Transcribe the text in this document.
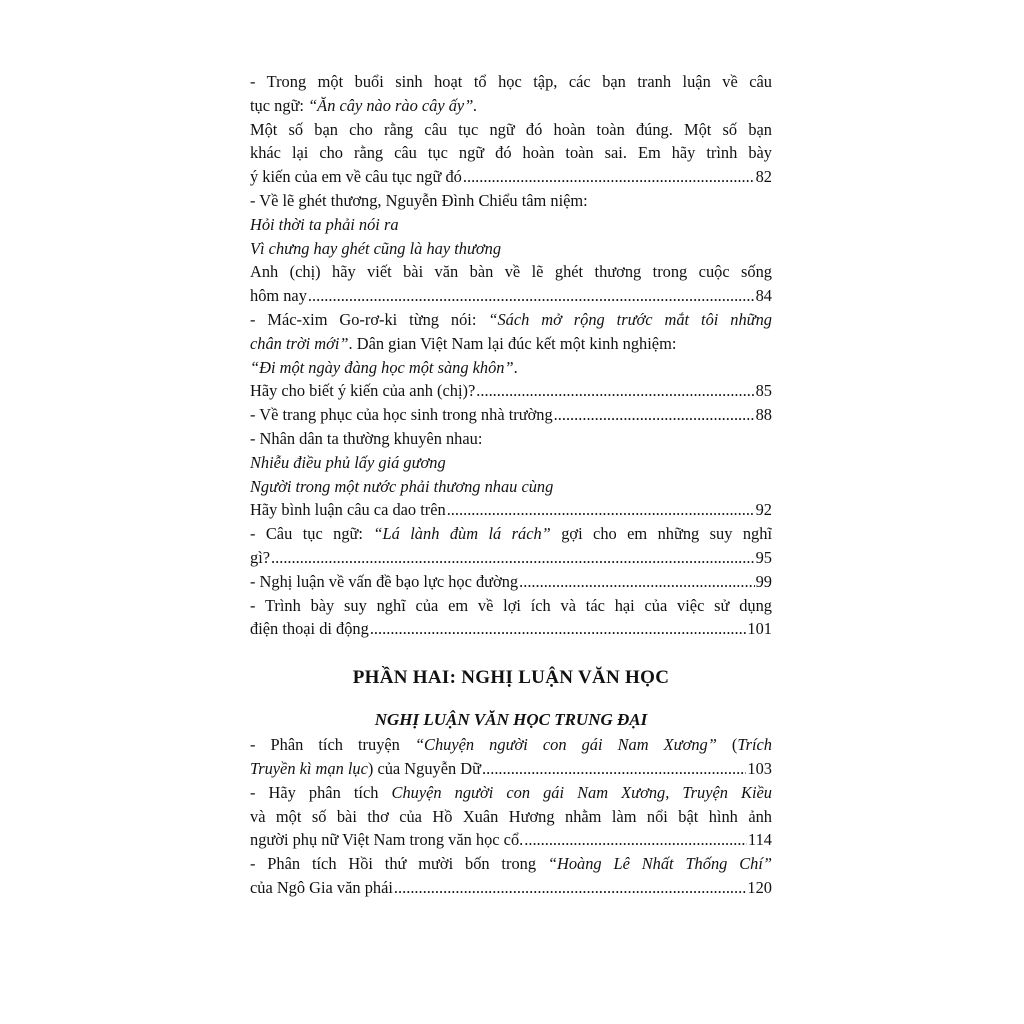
- Trong một buổi sinh hoạt tổ học tập, các bạn tranh luận về câu
tục ngữ: “Ăn cây nào rào cây ấy”.
Một số bạn cho rằng câu tục ngữ đó hoàn toàn đúng. Một số bạn
khác lại cho rằng câu tục ngữ đó hoàn toàn sai. Em hãy trình bày
ý kiến của em về câu tục ngữ đó .....	82
- Về lẽ ghét thương, Nguyễn Đình Chiểu tâm niệm:
Hỏi thời ta phải nói ra
Vì chưng hay ghét cũng là hay thương
Anh (chị) hãy viết bài văn bàn về lẽ ghét thương trong cuộc sống
hôm nay .....	84
- Mác-xim Go-rơ-ki từng nói: “Sách mở rộng trước mắt tôi những
chân trời mới”. Dân gian Việt Nam lại đúc kết một kinh nghiệm:
“Đi một ngày đàng học một sàng khôn”.
Hãy cho biết ý kiến của anh (chị)? .....	85
- Về trang phục của học sinh trong nhà trường .....	88
- Nhân dân ta thường khuyên nhau:
Nhiễu điều phủ lấy giá gương
Người trong một nước phải thương nhau cùng
Hãy bình luận câu ca dao trên .....	92
- Câu tục ngữ: “Lá lành đùm lá rách” gợi cho em những suy nghĩ
gì? .....	95
- Nghị luận về vấn đề bạo lực học đường .....	99
- Trình bày suy nghĩ của em về lợi ích và tác hại của việc sử dụng
điện thoại di động .....	101
PHẦN HAI: NGHỊ LUẬN VĂN HỌC
NGHỊ LUẬN VĂN HỌC TRUNG ĐẠI
- Phân tích truyện “Chuyện người con gái Nam Xương” (Trích
Truyền kì mạn lục) của Nguyễn Dữ .....	103
- Hãy phân tích Chuyện người con gái Nam Xương, Truyện Kiều
và một số bài thơ của Hồ Xuân Hương nhằm làm nổi bật hình ảnh
người phụ nữ Việt Nam trong văn học cổ. .....	114
- Phân tích Hồi thứ mười bốn trong “Hoàng Lê Nhất Thống Chí”
của Ngô Gia văn phái .....	120
